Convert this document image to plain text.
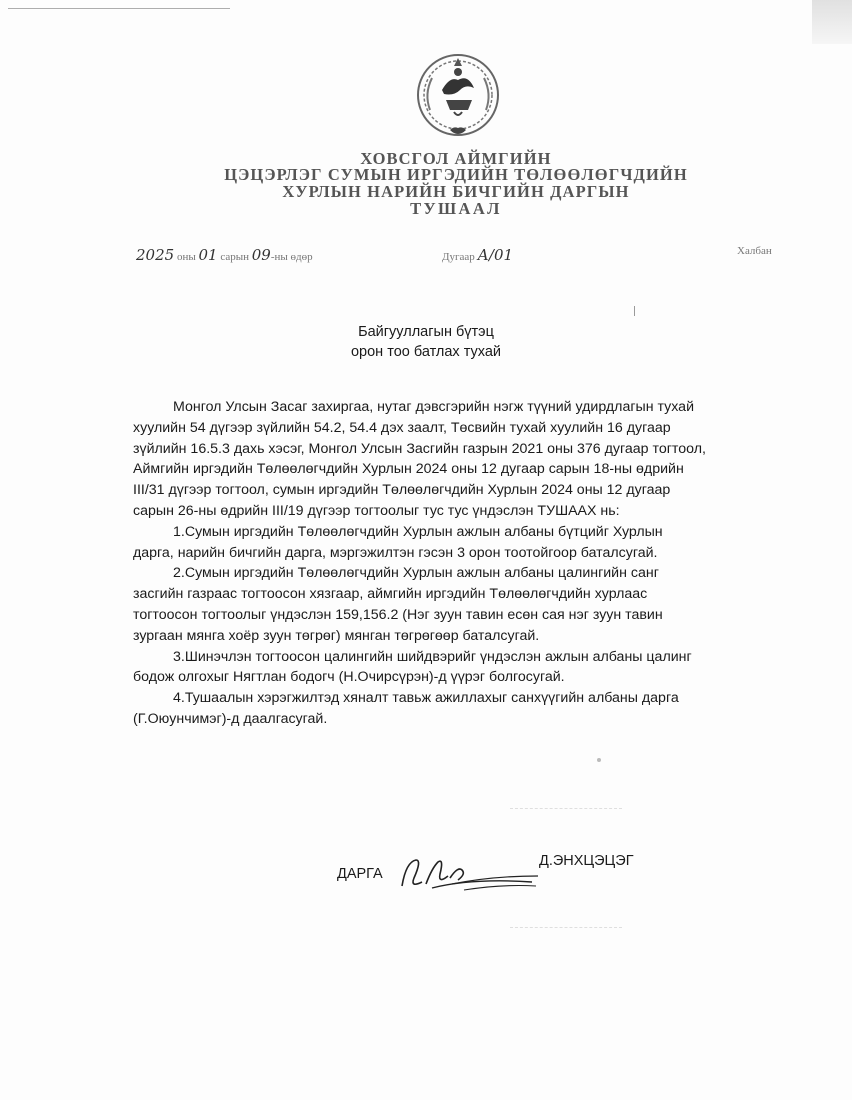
ХОВСГОЛ АЙМГИЙН
ЦЭЦЭРЛЭГ СУМЫН ИРГЭДИЙН ТӨЛӨӨЛӨГЧДИЙН
ХУРЛЫН НАРИЙН БИЧГИЙН ДАРГЫН
ТУШААЛ
2025 оны 01 сарын 09-ны өдөр	Дугаар А/01	Халбан
Байгууллагын бүтэц
орон тоо батлах тухай

Монгол Улсын Засаг захиргаа, нутаг дэвсгэрийн нэгж түүний удирдлагын тухай

хуулийн 54 дүгээр зүйлийн 54.2, 54.4 дэх заалт, Төсвийн тухай хуулийн 16 дугаар

зүйлийн 16.5.3 дахь хэсэг, Монгол Улсын Засгийн газрын 2021 оны 376 дугаар тогтоол,

Аймгийн иргэдийн Төлөөлөгчдийн Хурлын 2024 оны 12 дугаар сарын 18-ны өдрийн

III/31 дүгээр тогтоол, сумын иргэдийн Төлөөлөгчдийн Хурлын 2024 оны 12 дугаар

сарын 26-ны өдрийн III/19 дүгээр тогтоолыг тус тус үндэслэн ТУШААХ нь:

1.Сумын иргэдийн Төлөөлөгчдийн Хурлын ажлын албаны бүтцийг Хурлын

дарга, нарийн бичгийн дарга, мэргэжилтэн гэсэн 3 орон тоотойгоор баталсугай.

2.Сумын иргэдийн Төлөөлөгчдийн Хурлын ажлын албаны цалингийн санг

засгийн газраас тогтоосон хязгаар, аймгийн иргэдийн Төлөөлөгчдийн хурлаас

тогтоосон тогтоолыг үндэслэн 159,156.2 (Нэг зуун тавин есөн сая нэг зуун тавин

зургаан мянга хоёр зуун төгрөг) мянган төгрөгөөр баталсугай.

3.Шинэчлэн тогтоосон цалингийн шийдвэрийг үндэслэн ажлын албаны цалинг

бодож олгохыг Нягтлан бодогч (Н.Очирсүрэн)-д үүрэг болгосугай.

4.Тушаалын хэрэгжилтэд хяналт тавьж ажиллахыг санхүүгийн албаны дарга

(Г.Оюунчимэг)-д даалгасугай.

ДАРГА
Д.ЭНХЦЭЦЭГ
